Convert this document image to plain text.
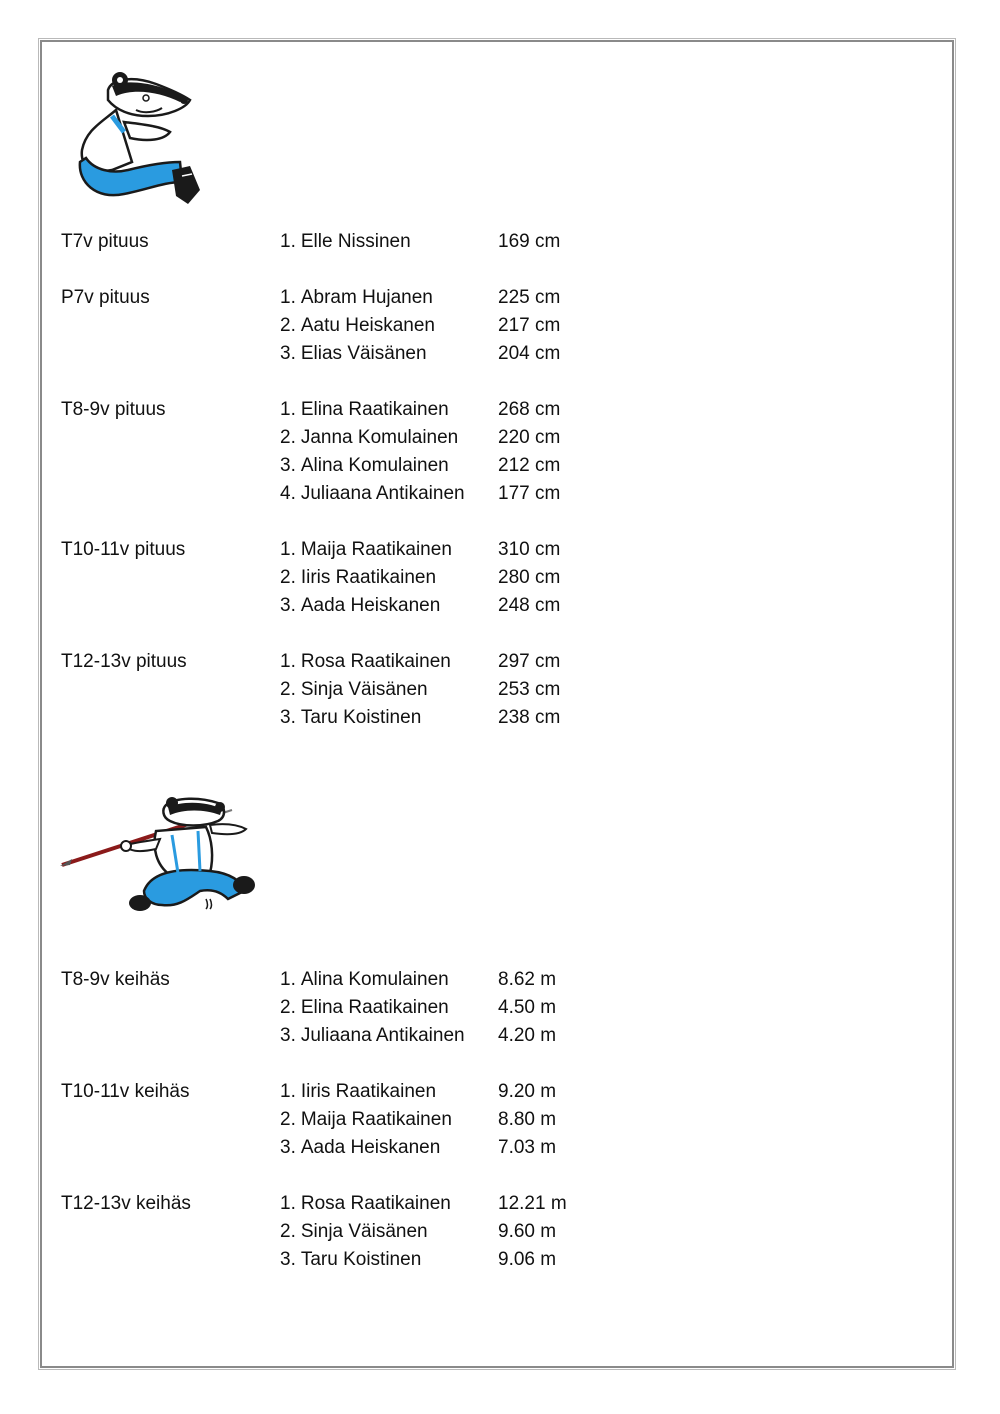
T7v pituus	1. Elle Nissinen	169 cm
P7v pituus	1. Abram Hujanen	225 cm
2. Aatu Heiskanen	217 cm
3. Elias Väisänen	204 cm
T8-9v pituus	1. Elina Raatikainen	268 cm
2. Janna Komulainen 220 cm
3. Alina Komulainen	212 cm
4. Juliaana Antikainen 177 cm
T10-11v pituus	1. Maija Raatikainen 310 cm
2. Iiris Raatikainen	280 cm
3. Aada Heiskanen	248 cm
T12-13v pituus	1. Rosa Raatikainen 297 cm
2. Sinja Väisänen	253 cm
3. Taru Koistinen	238 cm
T8-9v keihäs	1. Alina Komulainen	8.62 m
2. Elina Raatikainen	4.50 m
3. Juliaana Antikainen 4.20 m
T10-11v keihäs	1. Iiris Raatikainen	9.20 m
2. Maija Raatikainen 8.80 m
3. Aada Heiskanen	7.03 m
T12-13v keihäs	1. Rosa Raatikainen 12.21 m
2. Sinja Väisänen	9.60 m
3. Taru Koistinen	9.06 m
